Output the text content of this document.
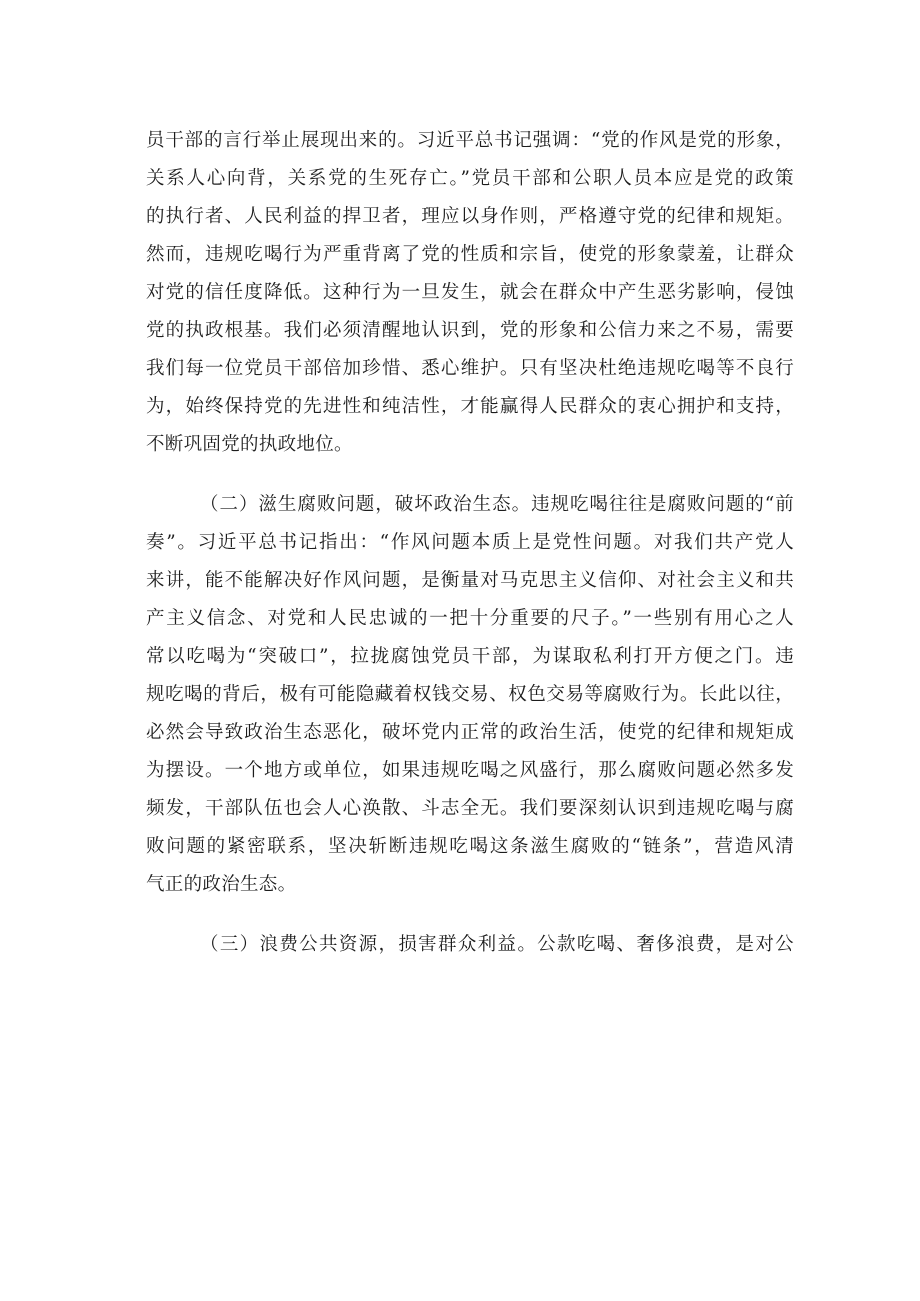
员干部的言行举止展现出来的。习近平总书记强调：“党的作风是党的形象，
关系人心向背，关系党的生死存亡。”党员干部和公职人员本应是党的政策
的执行者、人民利益的捍卫者，理应以身作则，严格遵守党的纪律和规矩。
然而，违规吃喝行为严重背离了党的性质和宗旨，使党的形象蒙羞，让群众
对党的信任度降低。这种行为一旦发生，就会在群众中产生恶劣影响，侵蚀
党的执政根基。我们必须清醒地认识到，党的形象和公信力来之不易，需要
我们每一位党员干部倍加珍惜、悉心维护。只有坚决杜绝违规吃喝等不良行
为，始终保持党的先进性和纯洁性，才能赢得人民群众的衷心拥护和支持，
不断巩固党的执政地位。
（二）滋生腐败问题，破坏政治生态。违规吃喝往往是腐败问题的“前
奏”。习近平总书记指出：“作风问题本质上是党性问题。对我们共产党人
来讲，能不能解决好作风问题，是衡量对马克思主义信仰、对社会主义和共
产主义信念、对党和人民忠诚的一把十分重要的尺子。”一些别有用心之人
常以吃喝为“突破口”，拉拢腐蚀党员干部，为谋取私利打开方便之门。违
规吃喝的背后，极有可能隐藏着权钱交易、权色交易等腐败行为。长此以往，
必然会导致政治生态恶化，破坏党内正常的政治生活，使党的纪律和规矩成
为摆设。一个地方或单位，如果违规吃喝之风盛行，那么腐败问题必然多发
频发，干部队伍也会人心涣散、斗志全无。我们要深刻认识到违规吃喝与腐
败问题的紧密联系，坚决斩断违规吃喝这条滋生腐败的“链条”，营造风清
气正的政治生态。
（三）浪费公共资源，损害群众利益。公款吃喝、奢侈浪费，是对公
